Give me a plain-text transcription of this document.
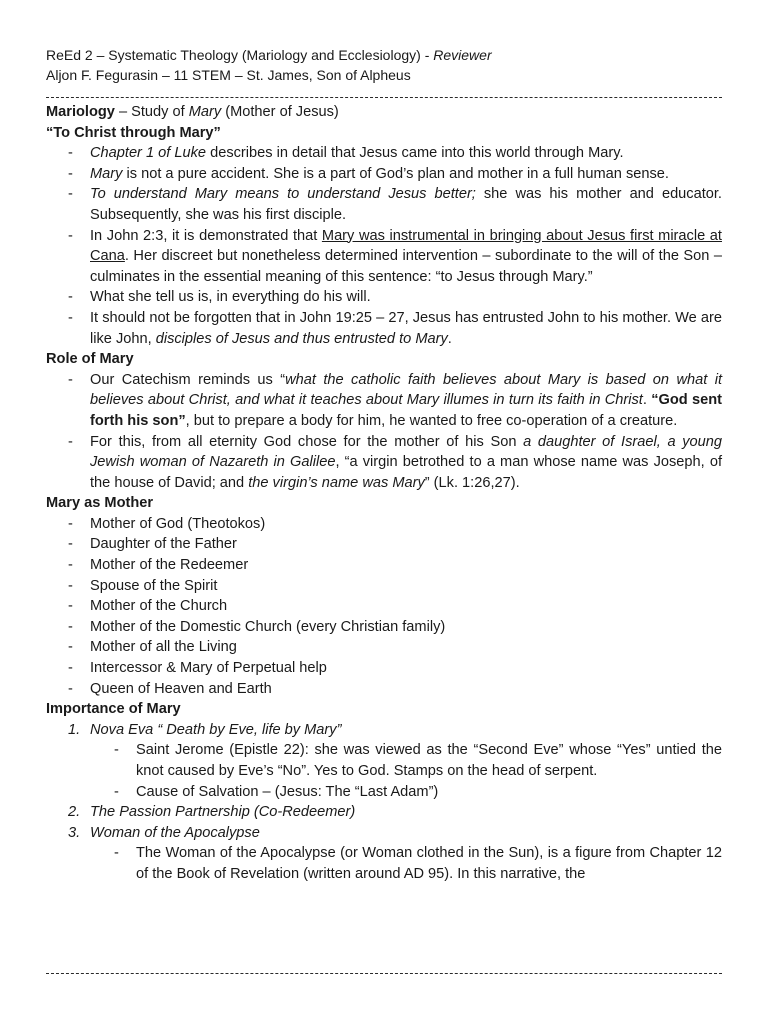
ReEd 2 – Systematic Theology (Mariology and Ecclesiology) - Reviewer
Aljon F. Fegurasin – 11 STEM – St. James, Son of Alpheus
Mariology – Study of Mary (Mother of Jesus)
“To Christ through Mary”
- Chapter 1 of Luke describes in detail that Jesus came into this world through Mary.
- Mary is not a pure accident. She is a part of God’s plan and mother in a full human sense.
- To understand Mary means to understand Jesus better; she was his mother and educator. Subsequently, she was his first disciple.
- In John 2:3, it is demonstrated that Mary was instrumental in bringing about Jesus first miracle at Cana. Her discreet but nonetheless determined intervention – subordinate to the will of the Son – culminates in the essential meaning of this sentence: “to Jesus through Mary.”
- What she tell us is, in everything do his will.
- It should not be forgotten that in John 19:25 – 27, Jesus has entrusted John to his mother. We are like John, disciples of Jesus and thus entrusted to Mary.
Role of Mary
- Our Catechism reminds us “what the catholic faith believes about Mary is based on what it believes about Christ, and what it teaches about Mary illumes in turn its faith in Christ. “God sent forth his son”, but to prepare a body for him, he wanted to free co-operation of a creature.
- For this, from all eternity God chose for the mother of his Son a daughter of Israel, a young Jewish woman of Nazareth in Galilee, “a virgin betrothed to a man whose name was Joseph, of the house of David; and the virgin’s name was Mary” (Lk. 1:26,27).
Mary as Mother
- Mother of God (Theotokos)
- Daughter of the Father
- Mother of the Redeemer
- Spouse of the Spirit
- Mother of the Church
- Mother of the Domestic Church (every Christian family)
- Mother of all the Living
- Intercessor & Mary of Perpetual help
- Queen of Heaven and Earth
Importance of Mary
1. Nova Eva “ Death by Eve, life by Mary”
- Saint Jerome (Epistle 22): she was viewed as the “Second Eve” whose “Yes” untied the knot caused by Eve’s “No”. Yes to God. Stamps on the head of serpent.
- Cause of Salvation – (Jesus: The “Last Adam”)
2. The Passion Partnership (Co-Redeemer)
3. Woman of the Apocalypse
- The Woman of the Apocalypse (or Woman clothed in the Sun), is a figure from Chapter 12 of the Book of Revelation (written around AD 95). In this narrative, the
